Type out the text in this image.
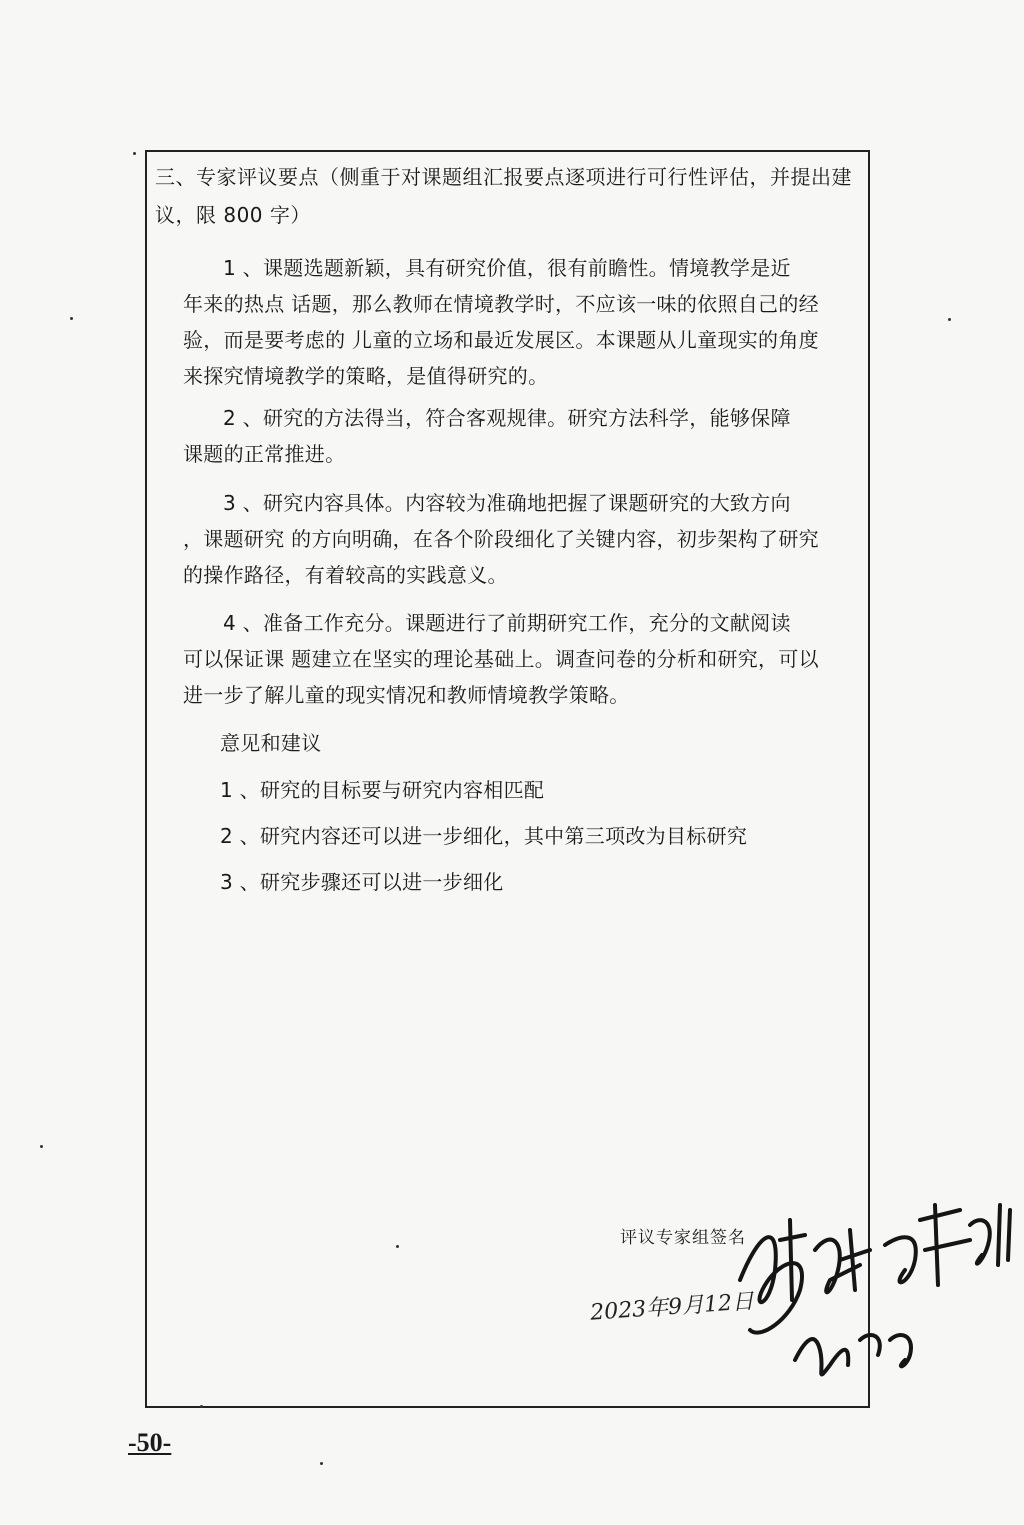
三、专家评议要点（侧重于对课题组汇报要点逐项进行可行性评估，并提出建议，限 800 字）
1 、课题选题新颖，具有研究价值，很有前瞻性。情境教学是近
年来的热点 话题，那么教师在情境教学时，不应该一味的依照自己的经验，而是要考虑的 儿童的立场和最近发展区。本课题从儿童现实的角度来探究情境教学的策略，是值得研究的。
2 、研究的方法得当，符合客观规律。研究方法科学，能够保障
课题的正常推进。
3 、研究内容具体。内容较为准确地把握了课题研究的大致方向
，课题研究 的方向明确，在各个阶段细化了关键内容，初步架构了研究的操作路径，有着较高的实践意义。
4 、准备工作充分。课题进行了前期研究工作，充分的文献阅读
可以保证课 题建立在坚实的理论基础上。调查问卷的分析和研究，可以进一步了解儿童的现实情况和教师情境教学策略。
意见和建议
1 、研究的目标要与研究内容相匹配
2 、研究内容还可以进一步细化，其中第三项改为目标研究
3 、研究步骤还可以进一步细化
评议专家组签名
2023年9月12日
-50-
